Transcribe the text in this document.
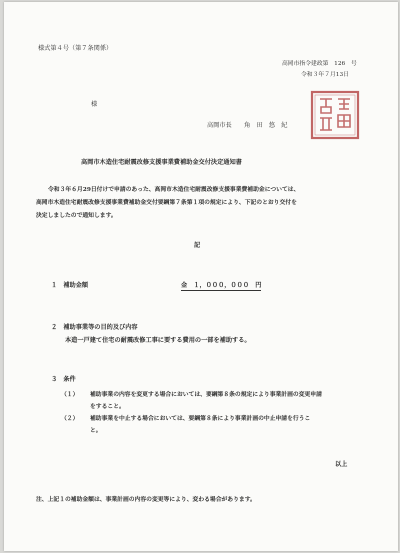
様式第４号（第７条関係）
高岡市指令建政第　126　号
令和３年７月13日
様
高岡市長　　角　田　悠　紀
高岡市木造住宅耐震改修支援事業費補助金交付決定通知書
令和３年６月29日付けで申請のあった、高岡市木造住宅耐震改修支援事業費補助金については、
高岡市木造住宅耐震改修支援事業費補助金交付要綱第７条第１項の規定により、下記のとおり交付を
決定しましたので通知します。
記
１　補助金額	金　１，０００，０００　円
２　補助事業等の目的及び内容
本造一戸建て住宅の耐震改修工事に要する費用の一部を補助する。
３　条件
（１） 補助事業の内容を変更する場合においては、要綱第８条の規定により事業計画の変更申請
をすること。
（２） 補助事業を中止する場合においては、要綱第８条により事業計画の中止申請を行うこ
と。
以上
注、上記１の補助金額は、事業計画の内容の変更等により、変わる場合があります。
